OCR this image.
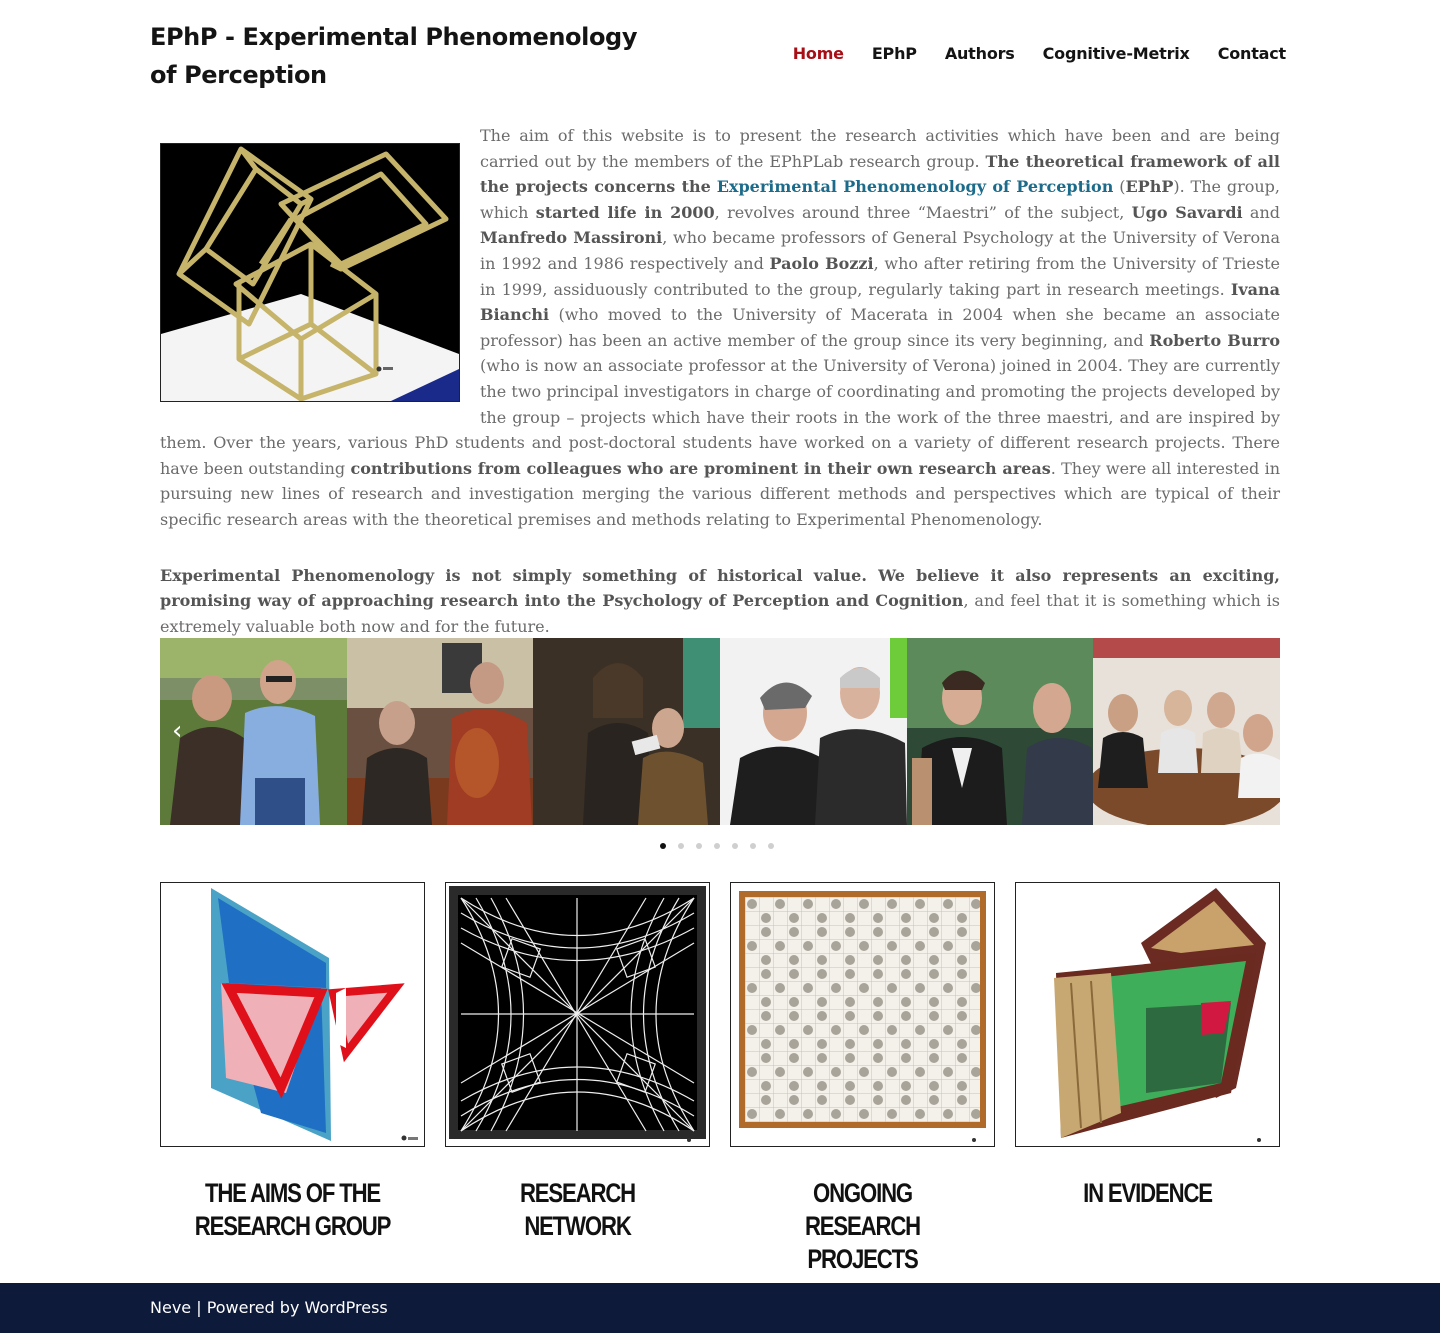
EPhP - Experimental Phenomenology of Perception
Home EPhP Authors Cognitive-Metrix Contact

The aim of this website is to present the research activities which have been and are being carried out by the members of the EPhPLab research group. The theoretical framework of all the projects concerns the Experimental Phenomenology of Perception (EPhP). The group, which started life in 2000, revolves around three “Maestri” of the subject, Ugo Savardi and Manfredo Massironi, who became professors of General Psychology at the University of Verona in 1992 and 1986 respectively and Paolo Bozzi, who after retiring from the University of Trieste in 1999, assiduously contributed to the group, regularly taking part in research meetings. Ivana Bianchi (who moved to the University of Macerata in 2004 when she became an associate professor) has been an active member of the group since its very beginning, and Roberto Burro (who is now an associate professor at the University of Verona) joined in 2004. They are currently the two principal investigators in charge of coordinating and promoting the projects developed by the group – projects which have their roots in the work of the three maestri, and are inspired by them. Over the years, various PhD students and post-doctoral students have worked on a variety of different research projects. There have been outstanding contributions from colleagues who are prominent in their own research areas. They were all interested in pursuing new lines of research and investigation merging the various different methods and perspectives which are typical of their specific research areas with the theoretical premises and methods relating to Experimental Phenomenology.

Experimental Phenomenology is not simply something of historical value. We believe it also represents an exciting, promising way of approaching research into the Psychology of Perception and Cognition, and feel that it is something which is extremely valuable both now and for the future.

‹
THE AIMS OF THE RESEARCH GROUP
RESEARCH NETWORK
ONGOING RESEARCH PROJECTS
IN EVIDENCE
Neve | Powered by WordPress
